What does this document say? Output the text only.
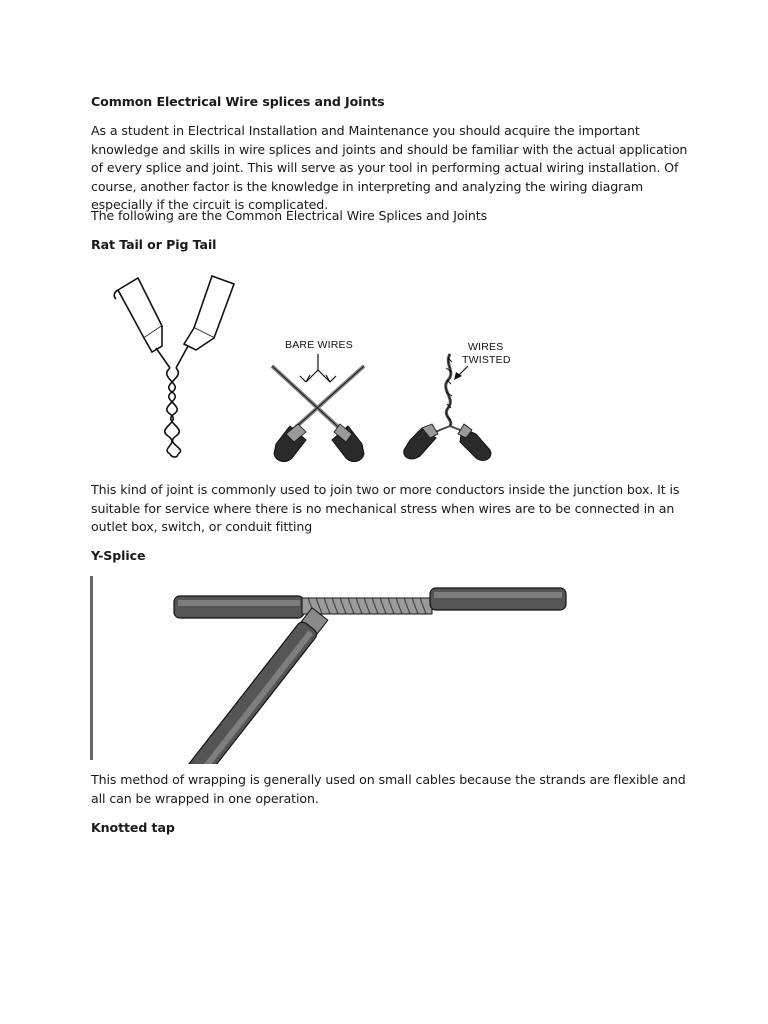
Common Electrical Wire splices and Joints
As a student in Electrical Installation and Maintenance you should acquire the important knowledge and skills in wire splices and joints and should be familiar with the actual application of every splice and joint. This will serve as your tool in performing actual wiring installation. Of course, another factor is the knowledge in interpreting and analyzing the wiring diagram especially if the circuit is complicated.
The following are the Common Electrical Wire Splices and Joints
Rat Tail or Pig Tail
BARE WIRES	WIRES
TWISTED
This kind of joint is commonly used to join two or more conductors inside the junction box. It is suitable for service where there is no mechanical stress when wires are to be connected in an outlet box, switch, or conduit fitting
Y-Splice
This method of wrapping is generally used on small cables because the strands are flexible and all can be wrapped in one operation.
Knotted tap
